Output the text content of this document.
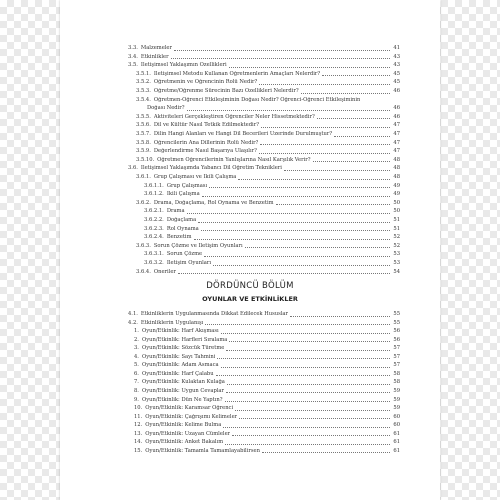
3.3. Malzemeler	41
3.4. Etkinlikler	43
3.5. İletişimsel Yaklaşımın Özellikleri	43
3.5.1. İletişimsel Metodu Kullanan Öğretmenlerin Amaçları Nelerdir?	45
3.5.2. Öğretmenin ve Öğrencinin Rolü Nedir?	45
3.5.3. Öğretme/Öğrenme Sürecinin Bazı Özellikleri Nelerdir?	46
3.5.4. Öğretmen-Öğrenci Etkileşiminin Doğası Nedir? Öğrenci-Öğrenci Etkileşiminin
Doğası Nedir?	46
3.5.5. Aktiviteleri Gerçekleştiren Öğrenciler Neler Hissetmektedir?	46
3.5.6. Dil ve Kültür Nasıl Tetkik Edilmektedir?	47
3.5.7. Dilin Hangi Alanları ve Hangi Dil Becerileri Üzerinde Durulmuştur?	47
3.5.8. Öğrencilerin Ana Dillerinin Rolü Nedir?	47
3.5.9. Değerlendirme Nasıl Başarıya Ulaşılır?	47
3.5.10. Öğretmen Öğrencilerinin Yanlışlarına Nasıl Karşılık Verir?	48
3.6. İletişimsel Yaklaşımda Yabancı Dil Öğretim Teknikleri	48
3.6.1. Grup Çalışması ve İkili Çalışma	48
3.6.1.1. Grup Çalışması	49
3.6.1.2. İkili Çalışma	49
3.6.2. Drama, Doğaçlama, Rol Oynama ve Benzetim	50
3.6.2.1. Drama	50
3.6.2.2. Doğaçlama	51
3.6.2.3. Rol Oynama	51
3.6.2.4. Benzetim	52
3.6.3. Sorun Çözme ve İletişim Oyunları	52
3.6.3.1. Sorun Çözme	53
3.6.3.2. İletişim Oyunları	53
3.6.4. Öneriler	54
DÖRDÜNCÜ BÖLÜM
OYUNLAR VE ETKİNLİKLER
4.1. Etkinliklerin Uygulanmasında Dikkat Edilecek Hususlar	55
4.2. Etkinliklerin Uygulanışı	55
1. Oyun/Etkinlik: Harf Akışması	56
2. Oyun/Etkinlik: Harfleri Sıralama	56
3. Oyun/Etkinlik: Sözcük Türetme	57
4. Oyun/Etkinlik: Sayı Tahmini	57
5. Oyun/Etkinlik: Adam Asmaca	57
6. Oyun/Etkinlik: Harf Çalabu	58
7. Oyun/Etkinlik: Kulaktan Kulağa	58
8. Oyun/Etkinlik: Uygun Cevaplar	59
9. Oyun/Etkinlik: Dün Ne Yaptın?	59
10. Oyun/Etkinlik: Karamsar Öğrenci	59
11. Oyun/Etkinlik: Çağrışımı Kelimeler	60
12. Oyun/Etkinlik: Kelime Bulma	60
13. Oyun/Etkinlik: Uzayan Cümleler	61
14. Oyun/Etkinlik: Anket Bakalım	61
15. Oyun/Etkinlik: Tamamla Tamamlayabilirsen	61
